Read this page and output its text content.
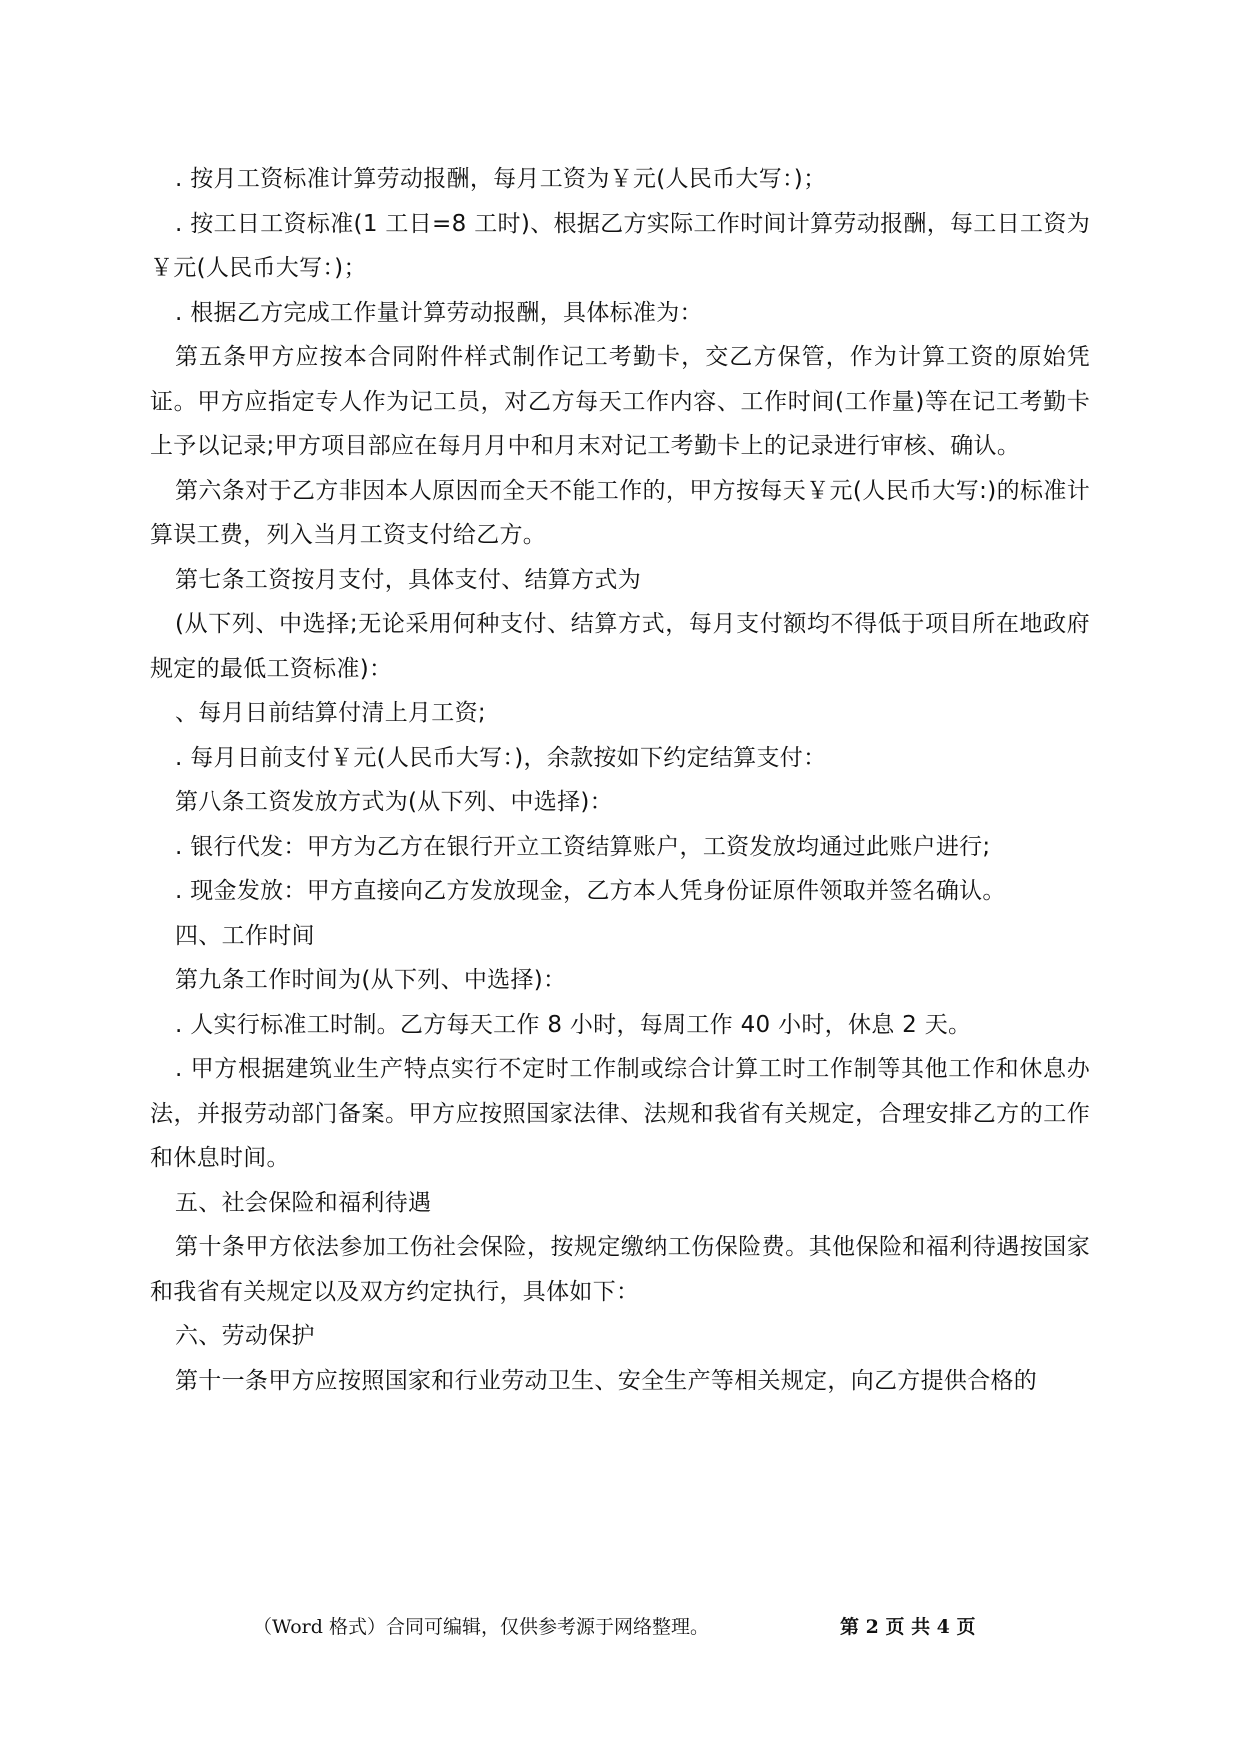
. 按月工资标准计算劳动报酬，每月工资为￥元(人民币大写：)；

. 按工日工资标准(1 工日=8 工时)、根据乙方实际工作时间计算劳动报酬，每工日工资为￥元(人民币大写：)；

. 根据乙方完成工作量计算劳动报酬，具体标准为：

第五条甲方应按本合同附件样式制作记工考勤卡，交乙方保管，作为计算工资的原始凭证。甲方应指定专人作为记工员，对乙方每天工作内容、工作时间(工作量)等在记工考勤卡上予以记录;甲方项目部应在每月月中和月末对记工考勤卡上的记录进行审核、确认。

第六条对于乙方非因本人原因而全天不能工作的，甲方按每天￥元(人民币大写:)的标准计算误工费，列入当月工资支付给乙方。

第七条工资按月支付，具体支付、结算方式为

(从下列、中选择;无论采用何种支付、结算方式，每月支付额均不得低于项目所在地政府规定的最低工资标准)：

、每月日前结算付清上月工资;

. 每月日前支付￥元(人民币大写：)，余款按如下约定结算支付：

第八条工资发放方式为(从下列、中选择)：

. 银行代发：甲方为乙方在银行开立工资结算账户，工资发放均通过此账户进行;

. 现金发放：甲方直接向乙方发放现金，乙方本人凭身份证原件领取并签名确认。

四、工作时间

第九条工作时间为(从下列、中选择)：

. 人实行标准工时制。乙方每天工作 8 小时，每周工作 40 小时，休息 2 天。

. 甲方根据建筑业生产特点实行不定时工作制或综合计算工时工作制等其他工作和休息办法，并报劳动部门备案。甲方应按照国家法律、法规和我省有关规定，合理安排乙方的工作和休息时间。

五、社会保险和福利待遇

第十条甲方依法参加工伤社会保险，按规定缴纳工伤保险费。其他保险和福利待遇按国家和我省有关规定以及双方约定执行，具体如下：

六、劳动保护

第十一条甲方应按照国家和行业劳动卫生、安全生产等相关规定，向乙方提供合格的

（Word 格式）合同可编辑，仅供参考源于网络整理。	第 2 页 共 4 页
